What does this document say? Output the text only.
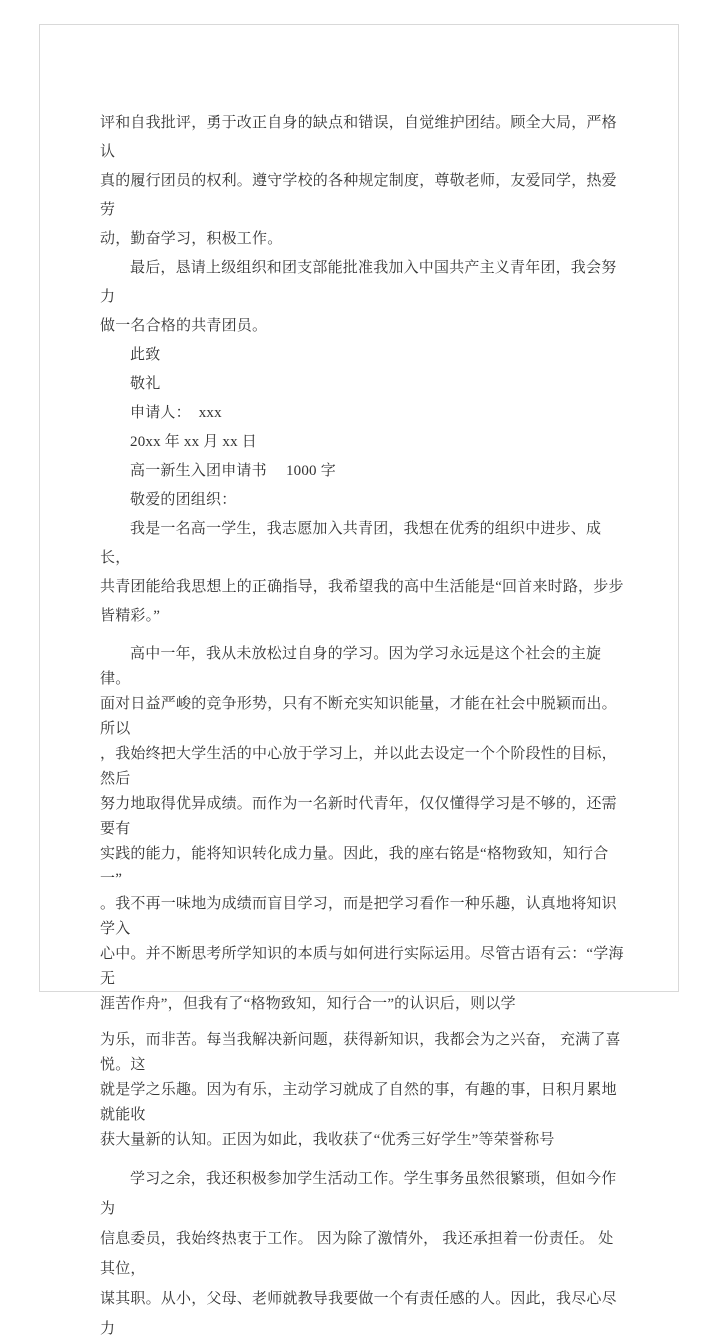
评和自我批评，勇于改正自身的缺点和错误，自觉维护团结。顾全大局，严格认
真的履行团员的权利。遵守学校的各种规定制度，尊敬老师，友爱同学，热爱劳
动，勤奋学习，积极工作。
最后，恳请上级组织和团支部能批准我加入中国共产主义青年团，我会努力
做一名合格的共青团员。
此致
敬礼
申请人：  xxx
20xx 年 xx 月 xx 日
高一新生入团申请书　 1000 字
敬爱的团组织：
我是一名高一学生，我志愿加入共青团，我想在优秀的组织中进步、成长，
共青团能给我思想上的正确指导，我希望我的高中生活能是“回首来时路，步步
皆精彩。”
高中一年，我从未放松过自身的学习。因为学习永远是这个社会的主旋律。
面对日益严峻的竞争形势，只有不断充实知识能量，才能在社会中脱颖而出。所以
，我始终把大学生活的中心放于学习上，并以此去设定一个个阶段性的目标，然后
努力地取得优异成绩。而作为一名新时代青年，仅仅懂得学习是不够的，还需要有
实践的能力，能将知识转化成力量。因此，我的座右铭是“格物致知，知行合一”
。我不再一味地为成绩而盲目学习，而是把学习看作一种乐趣，认真地将知识学入
心中。并不断思考所学知识的本质与如何进行实际运用。尽管古语有云：“学海无
涯苦作舟”，但我有了“格物致知，知行合一”的认识后，则以学
为乐，而非苦。每当我解决新问题，获得新知识，我都会为之兴奋， 充满了喜悦。这
就是学之乐趣。因为有乐，主动学习就成了自然的事，有趣的事，日积月累地就能收
获大量新的认知。正因为如此，我收获了“优秀三好学生”等荣誉称号
学习之余，我还积极参加学生活动工作。学生事务虽然很繁琐，但如今作为
信息委员，我始终热衷于工作。 因为除了激情外， 我还承担着一份责任。 处其位，
谋其职。从小，父母、老师就教导我要做一个有责任感的人。因此，我尽心尽力
